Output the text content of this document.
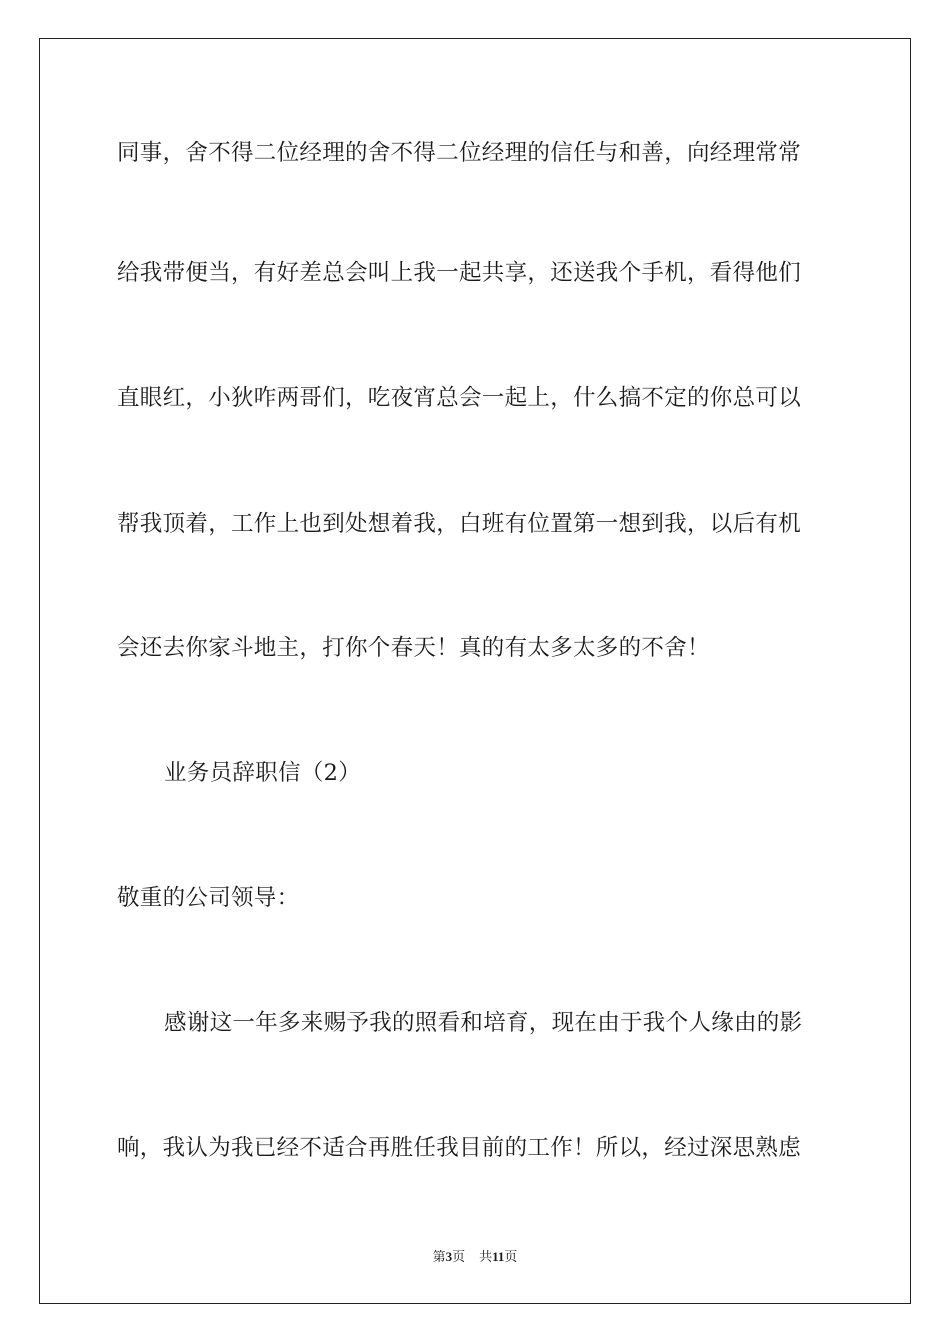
同事，舍不得二位经理的舍不得二位经理的信任与和善，向经理常常
给我带便当，有好差总会叫上我一起共享，还送我个手机，看得他们
直眼红，小狄咋两哥们，吃夜宵总会一起上，什么搞不定的你总可以
帮我顶着，工作上也到处想着我，白班有位置第一想到我，以后有机
会还去你家斗地主，打你个春天！真的有太多太多的不舍！
业务员辞职信（2）
敬重的公司领导：
感谢这一年多来赐予我的照看和培育，现在由于我个人缘由的影
响，我认为我已经不适合再胜任我目前的工作！所以，经过深思熟虑
第3页 共11页
